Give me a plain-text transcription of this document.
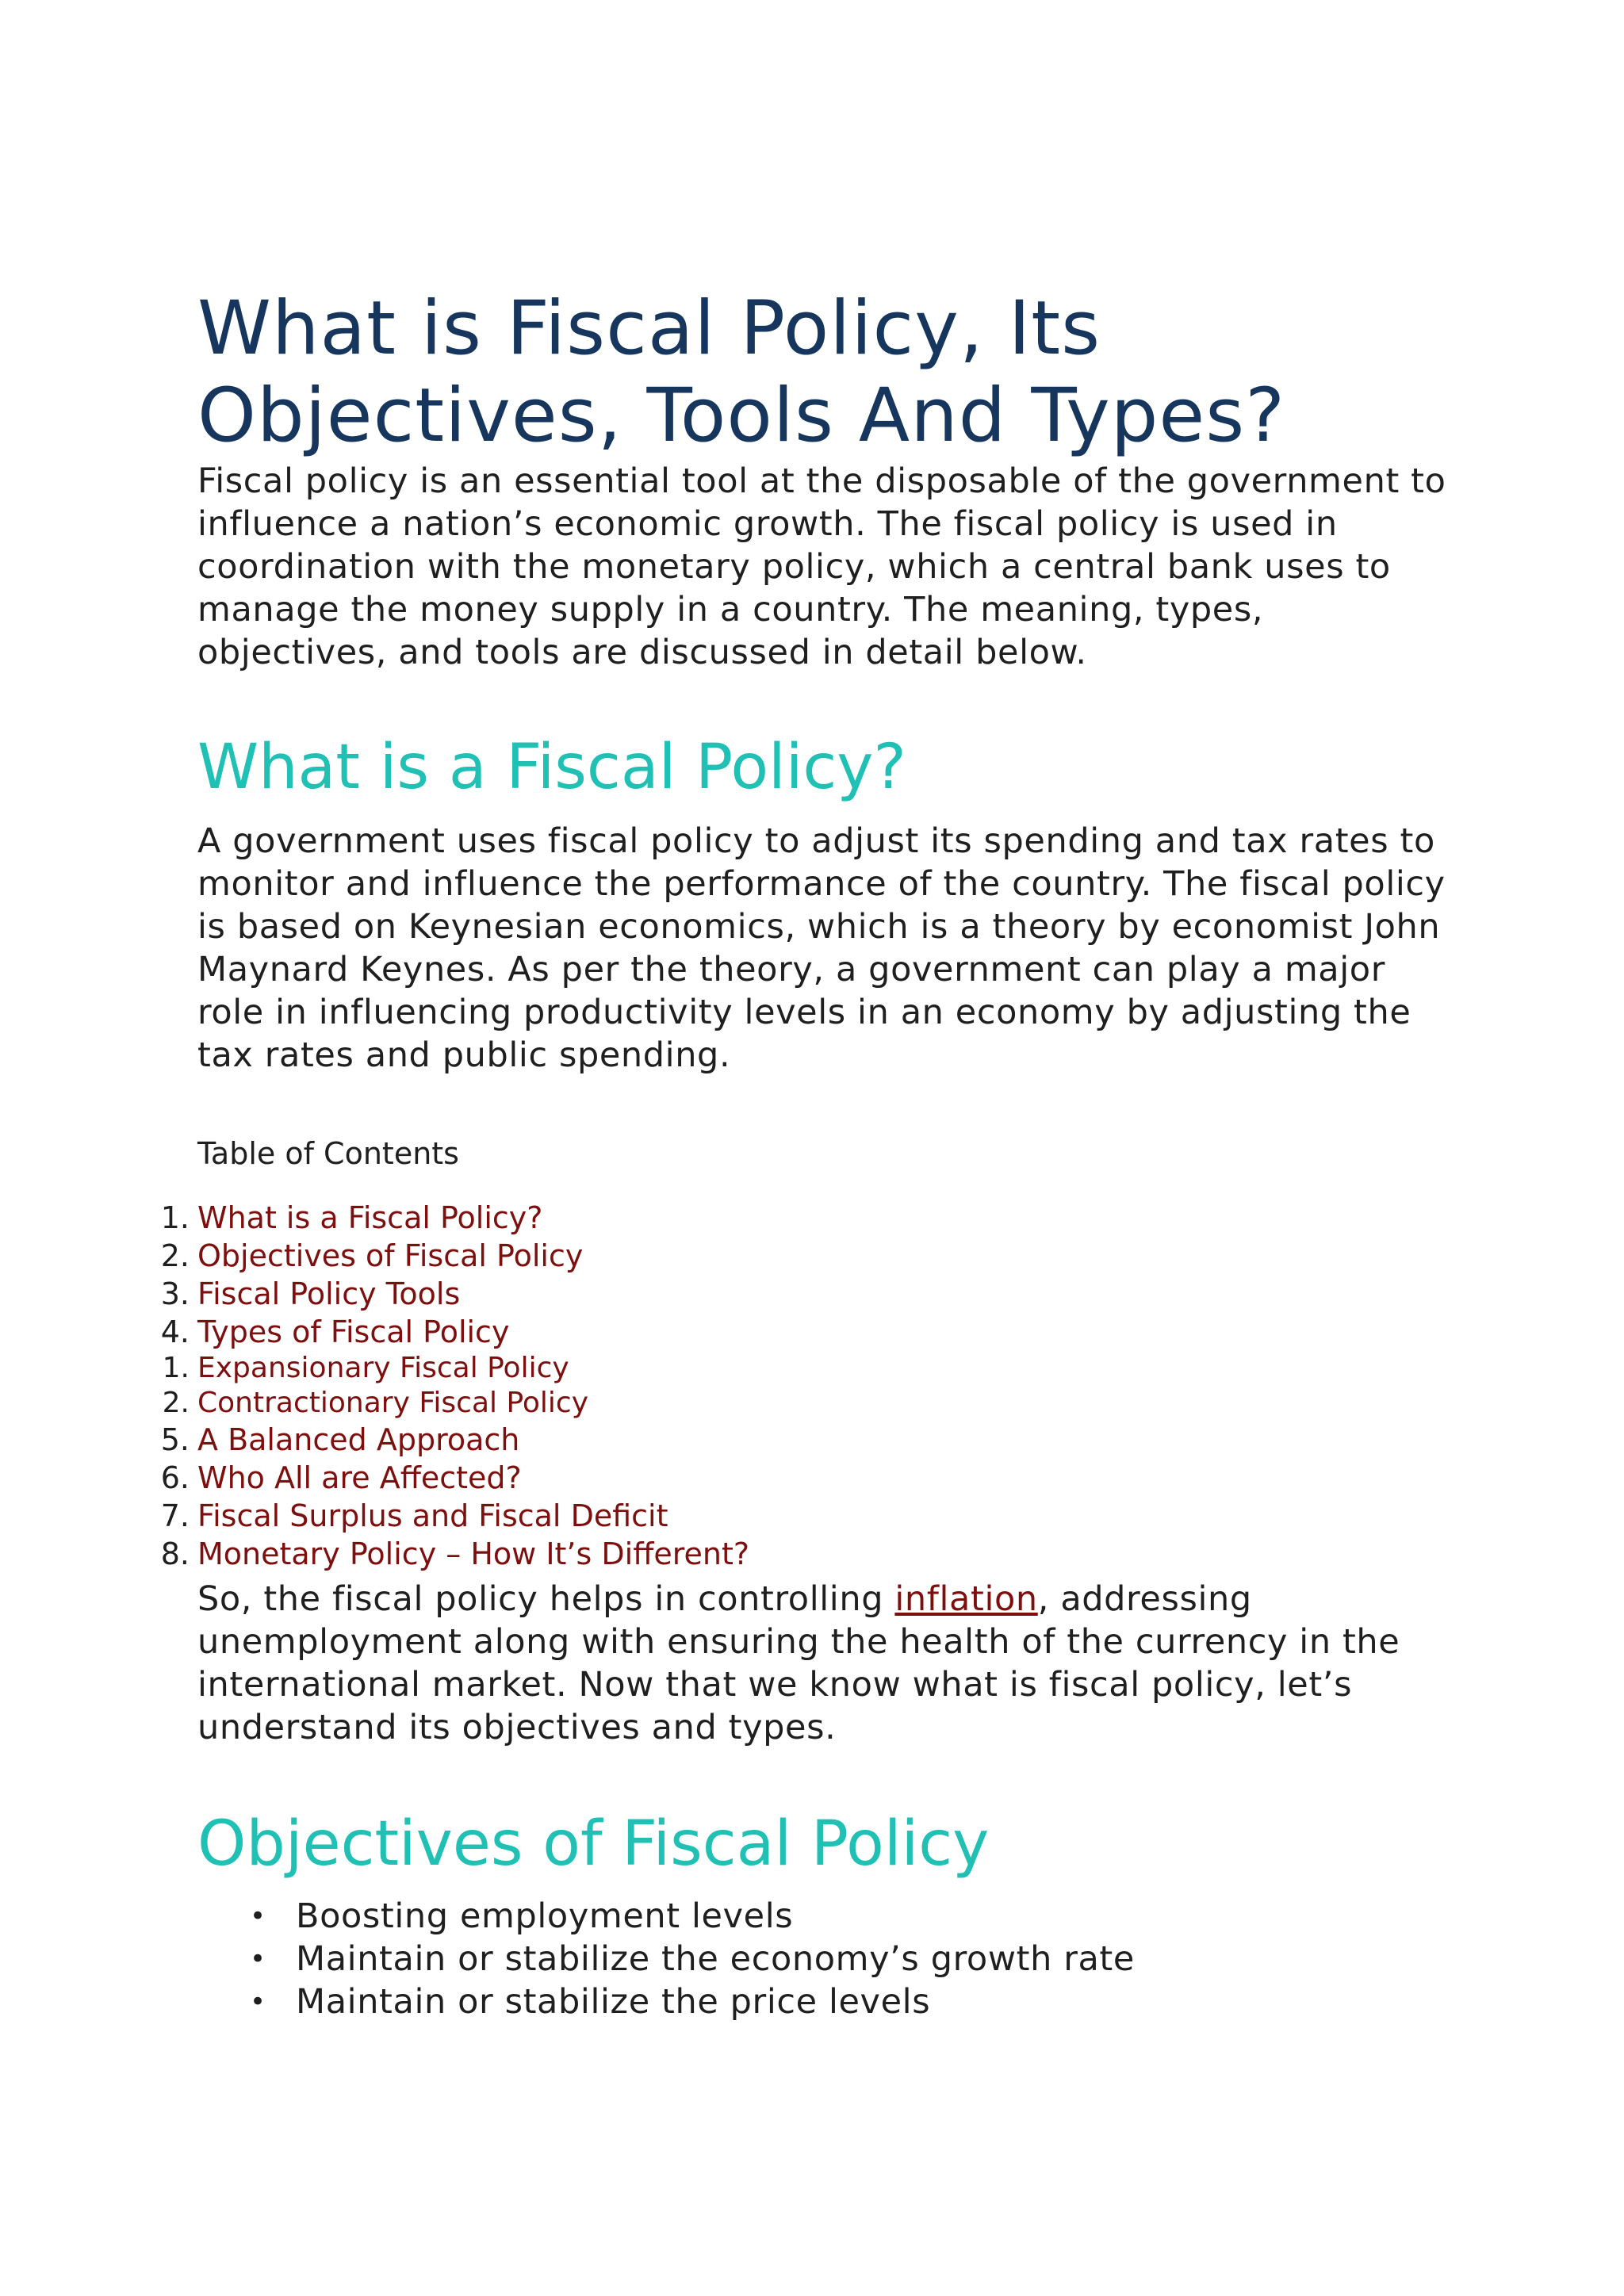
What is Fiscal Policy, Its Objectives, Tools And Types?

Fiscal policy is an essential tool at the disposable of the government to influence a nation’s economic growth. The fiscal policy is used in coordination with the monetary policy, which a central bank uses to manage the money supply in a country. The meaning, types, objectives, and tools are discussed in detail below.

What is a Fiscal Policy?

A government uses fiscal policy to adjust its spending and tax rates to monitor and influence the performance of the country. The fiscal policy is based on Keynesian economics, which is a theory by economist John Maynard Keynes. As per the theory, a government can play a major role in influencing productivity levels in an economy by adjusting the tax rates and public spending.

Table of Contents
1. What is a Fiscal Policy?
2. Objectives of Fiscal Policy
3. Fiscal Policy Tools
4. Types of Fiscal Policy
1. Expansionary Fiscal Policy
2. Contractionary Fiscal Policy
5. A Balanced Approach
6. Who All are Affected?
7. Fiscal Surplus and Fiscal Deficit
8. Monetary Policy – How It’s Different?

So, the fiscal policy helps in controlling inflation, addressing unemployment along with ensuring the health of the currency in the international market. Now that we know what is fiscal policy, let’s understand its objectives and types.

Objectives of Fiscal Policy
• Boosting employment levels
• Maintain or stabilize the economy’s growth rate
• Maintain or stabilize the price levels
